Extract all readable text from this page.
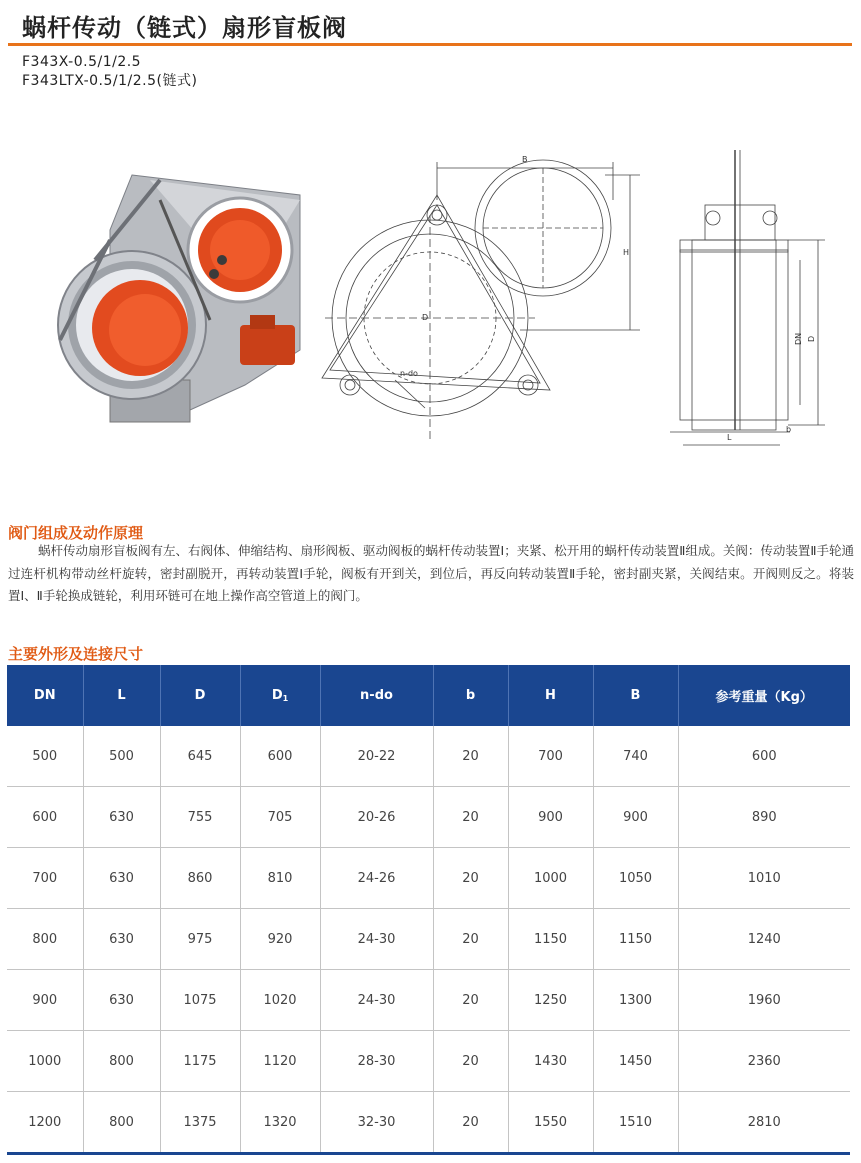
蜗杆传动（链式）扇形盲板阀
F343X-0.5/1/2.5
F343LTX-0.5/1/2.5(链式)
B
H
D
n-do
DN D
L
b
阀门组成及动作原理
蜗杆传动扇形盲板阀有左、右阀体、伸缩结构、扇形阀板、驱动阀板的蜗杆传动装置Ⅰ；夹紧、松开用的蜗杆传动装置Ⅱ组成。关阀：传动装置Ⅱ手轮通过连杆机构带动丝杆旋转，密封副脱开，再转动装置Ⅰ手轮，阀板有开到关，到位后，再反向转动装置Ⅱ手轮，密封副夹紧，关阀结束。开阀则反之。将装置Ⅰ、Ⅱ手轮换成链轮，利用环链可在地上操作高空管道上的阀门。
主要外形及连接尺寸
DN	L	D	$D_1$	n-do	b	H	B	参考重量（Kg）
500	500	645	600	20-22	20	700	740	600
600	630	755	705	20-26	20	900	900	890
700	630	860	810	24-26	20	1000	1050	1010
800	630	975	920	24-30	20	1150	1150	1240
900	630	1075	1020	24-30	20	1250	1300	1960
1000	800	1175	1120	28-30	20	1430	1450	2360
1200	800	1375	1320	32-30	20	1550	1510	2810
